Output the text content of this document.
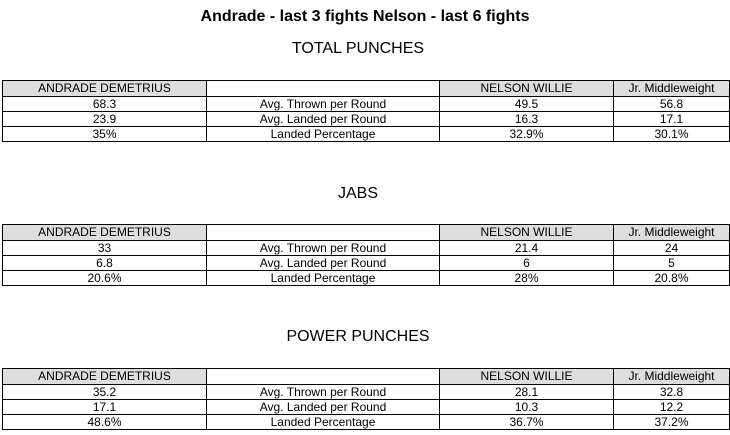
Andrade - last 3 fights Nelson - last 6 fights
TOTAL PUNCHES
ANDRADE DEMETRIUS		NELSON WILLIE	Jr. Middleweight
68.3	Avg. Thrown per Round	49.5	56.8
23.9	Avg. Landed per Round	16.3	17.1
35%	Landed Percentage	32.9%	30.1%
JABS
ANDRADE DEMETRIUS		NELSON WILLIE	Jr. Middleweight
33	Avg. Thrown per Round	21.4	24
6.8	Avg. Landed per Round	6	5
20.6%	Landed Percentage	28%	20.8%
POWER PUNCHES
ANDRADE DEMETRIUS		NELSON WILLIE	Jr. Middleweight
35.2	Avg. Thrown per Round	28.1	32.8
17.1	Avg. Landed per Round	10.3	12.2
48.6%	Landed Percentage	36.7%	37.2%
